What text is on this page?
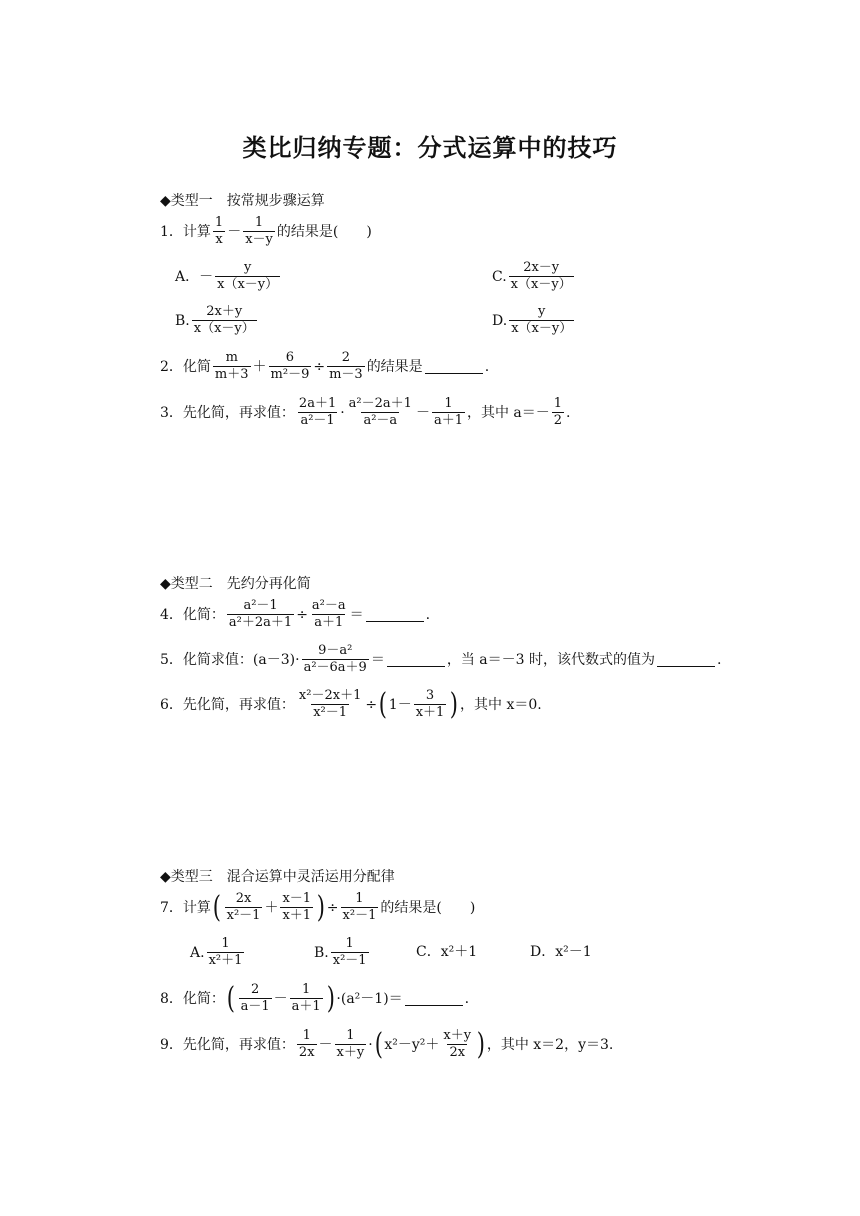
类比归纳专题：分式运算中的技巧
◆类型一　按常规步骤运算
1． 计算 $\frac{1}{x} - \frac{1}{x-y}$ 的结果是(　　)
A．－ $\frac{y}{x(x-y)}$	C. $\frac{2x-y}{x(x-y)}$
B. $\frac{2x+y}{x(x-y)}$	D. $\frac{y}{x(x-y)}$
2． 化简 $\frac{m}{m+3} + \frac{6}{\text{m²－9}} \div \frac{2}{m-3}$ 的结果是	.
3． 先化简，再求值： $\frac{2a+1}{\text{a²－1}} \cdot \frac{\text{a²－2a＋1}}{\text{a²－a}} - \frac{1}{a+1}$ ，其中 $a=- \frac{1}{2}$ .
◆类型二　先约分再化简
4． 化简： $\frac{\text{a²－1}}{\text{a²＋2a＋1}} \div \frac{\text{a²－a}}{a+1}$ ＝	.
5． 化简求值：$(a-3)\cdot \frac{\text{9－a²}}{\text{a²－6a＋9}}$ ＝	，当 a＝－3 时，该代数式的值为	.
6． 先化简，再求值： $\frac{\text{x²－2x＋1}}{\text{x²－1}}$ ÷ ( $1- \frac{3}{x+1}$ ) ，其中 x＝0.
◆类型三　混合运算中灵活运用分配律
7． 计算 ( $\frac{2x}{\text{x²－1}} + \frac{x-1}{x+1}$ ) ÷ $\frac{1}{\text{x²－1}}$ 的结果是(　　)
A. $\frac{1}{\text{x²＋1}}$	B. $\frac{1}{\text{x²－1}}$	C． x²＋1	D． x²－1
8． 化简： ( $\frac{2}{a-1} - \frac{1}{a+1}$ ) ·(a²－1)＝	.
9． 先化简，再求值： $\frac{1}{2x} - \frac{1}{x+y}$ · ( $x^2-y^2+ \frac{x+y}{2x}$ ) ，其中 x＝2，y＝3.
